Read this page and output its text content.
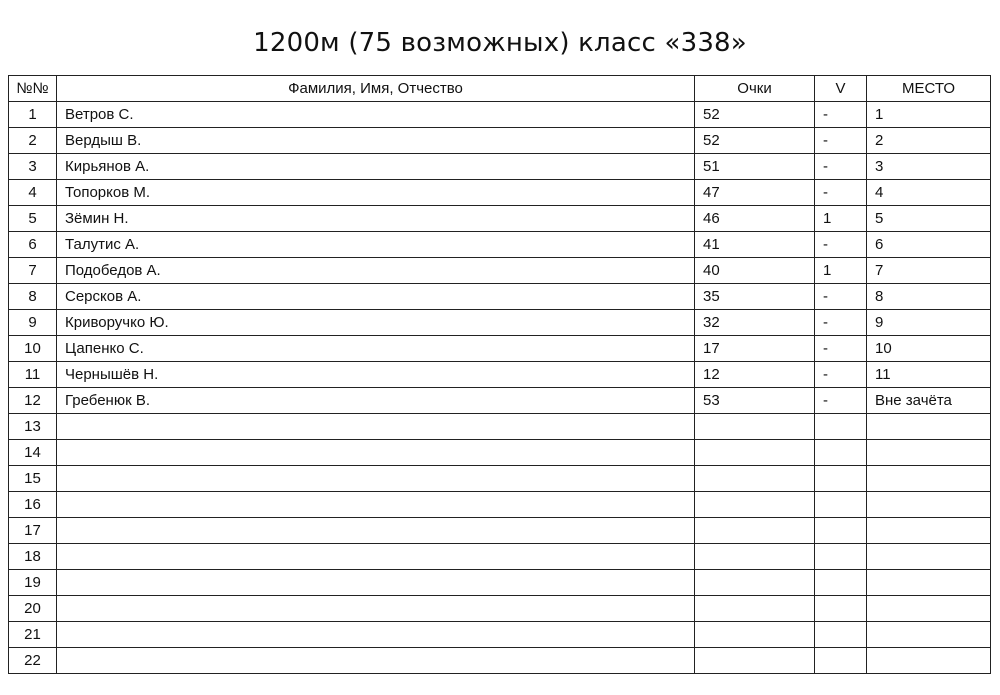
1200м (75 возможных) класс «338»
№№	Фамилия, Имя, Отчество	Очки	V	МЕСТО
1	Ветров С.	52	-	1
2	Вердыш В.	52	-	2
3	Кирьянов А.	51	-	3
4	Топорков М.	47	-	4
5	Зёмин Н.	46	1	5
6	Талутис А.	41	-	6
7	Подобедов А.	40	1	7
8	Серсков А.	35	-	8
9	Криворучко Ю.	32	-	9
10	Цапенко С.	17	-	10
11	Чернышёв Н.	12	-	11
12	Гребенюк В.	53	-	Вне зачёта
13				
14				
15				
16				
17				
18				
19				
20				
21				
22				
